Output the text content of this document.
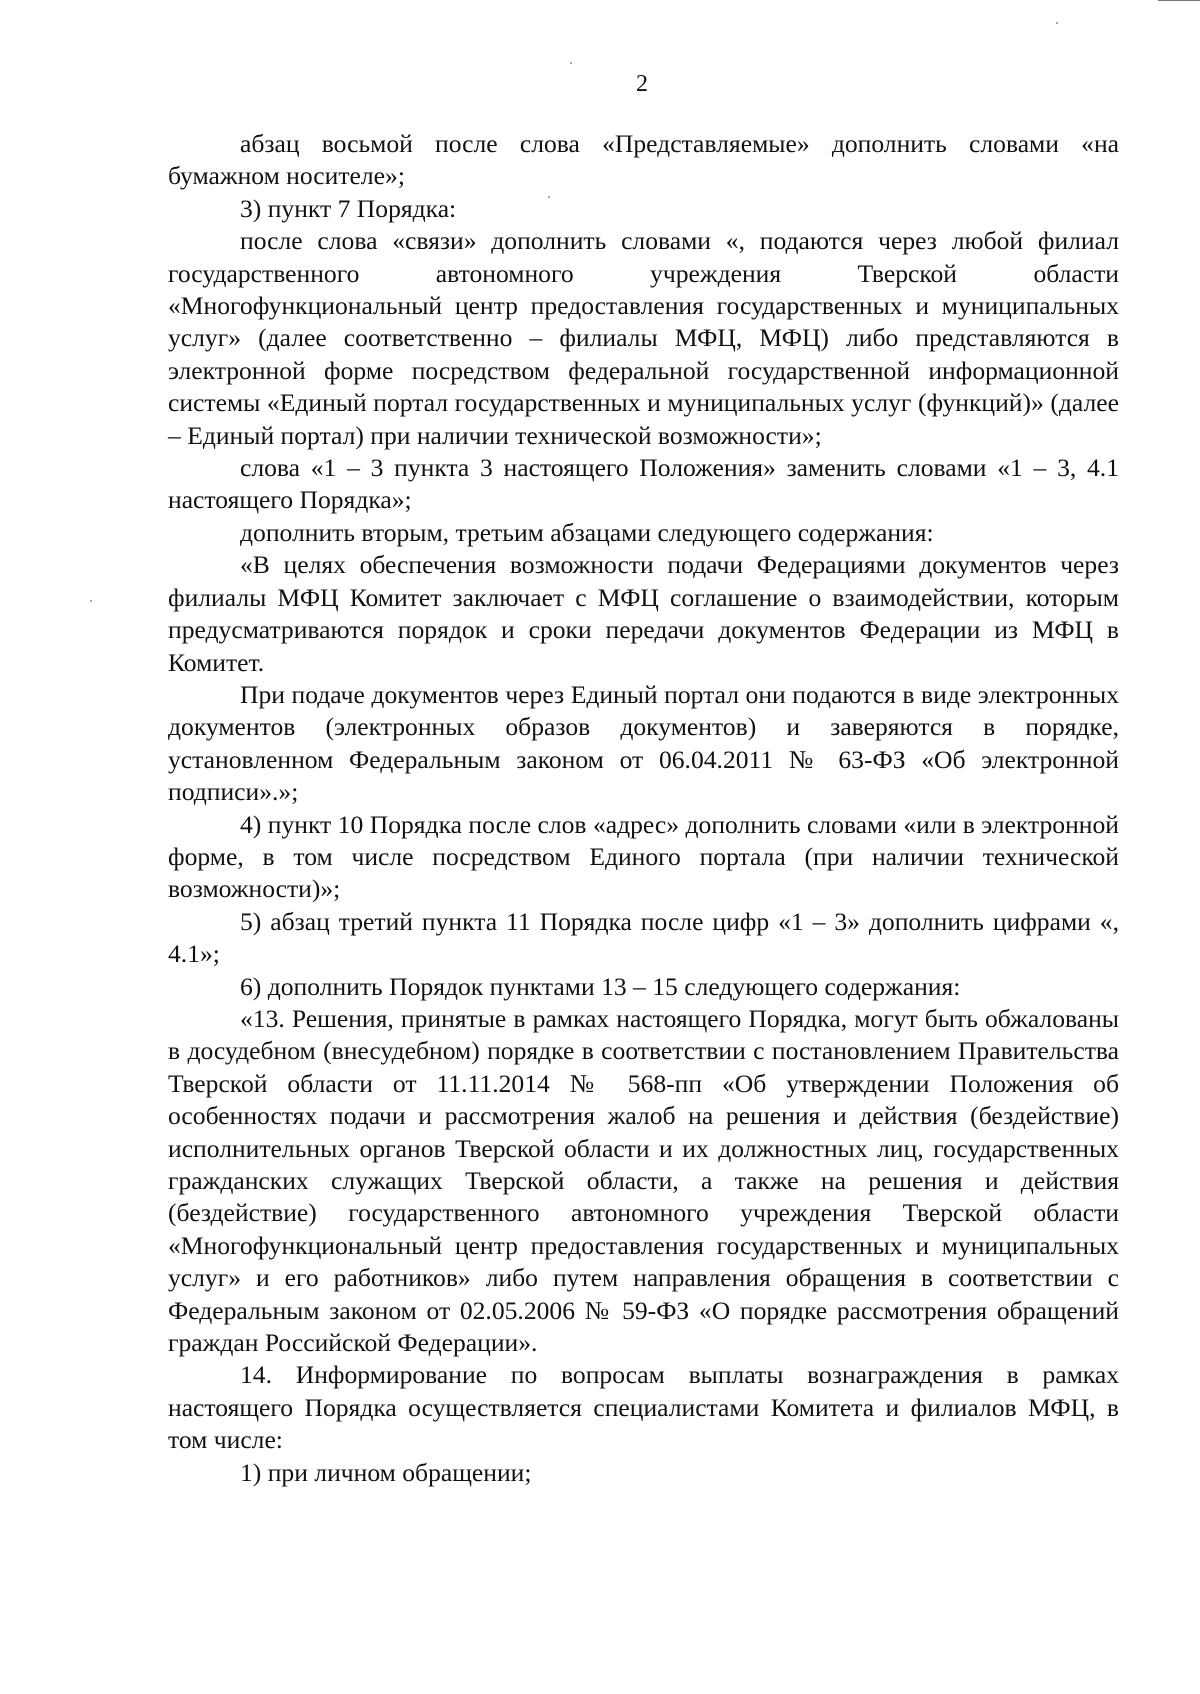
2

абзац восьмой после слова «Представляемые» дополнить словами «на бумажном носителе»;

3) пункт 7 Порядка:

после слова «связи» дополнить словами «, подаются через любой филиал государственного автономного учреждения Тверской области «Многофункциональный центр предоставления государственных и муниципальных услуг» (далее соответственно – филиалы МФЦ, МФЦ) либо представляются в электронной форме посредством федеральной государственной информационной системы «Единый портал государственных и муниципальных услуг (функций)» (далее – Единый портал) при наличии технической возможности»;

слова «1 – 3 пункта 3 настоящего Положения» заменить словами «1 – 3, 4.1 настоящего Порядка»;

дополнить вторым, третьим абзацами следующего содержания:

«В целях обеспечения возможности подачи Федерациями документов через филиалы МФЦ Комитет заключает с МФЦ соглашение о взаимодействии, которым предусматриваются порядок и сроки передачи документов Федерации из МФЦ в Комитет.

При подаче документов через Единый портал они подаются в виде электронных документов (электронных образов документов) и заверяются в порядке, установленном Федеральным законом от 06.04.2011 № 63-ФЗ «Об электронной подписи».»;

4) пункт 10 Порядка после слов «адрес» дополнить словами «или в электронной форме, в том числе посредством Единого портала (при наличии технической возможности)»;

5) абзац третий пункта 11 Порядка после цифр «1 – 3» дополнить цифрами «, 4.1»;

6) дополнить Порядок пунктами 13 – 15 следующего содержания:

«13. Решения, принятые в рамках настоящего Порядка, могут быть обжалованы в досудебном (внесудебном) порядке в соответствии с постановлением Правительства Тверской области от 11.11.2014 № 568-пп «Об утверждении Положения об особенностях подачи и рассмотрения жалоб на решения и действия (бездействие) исполнительных органов Тверской области и их должностных лиц, государственных гражданских служащих Тверской области, а также на решения и действия (бездействие) государственного автономного учреждения Тверской области «Многофункциональный центр предоставления государственных и муниципальных услуг» и его работников» либо путем направления обращения в соответствии с Федеральным законом от 02.05.2006 № 59-ФЗ «О порядке рассмотрения обращений граждан Российской Федерации».

14. Информирование по вопросам выплаты вознаграждения в рамках настоящего Порядка осуществляется специалистами Комитета и филиалов МФЦ, в том числе:

1) при личном обращении;
